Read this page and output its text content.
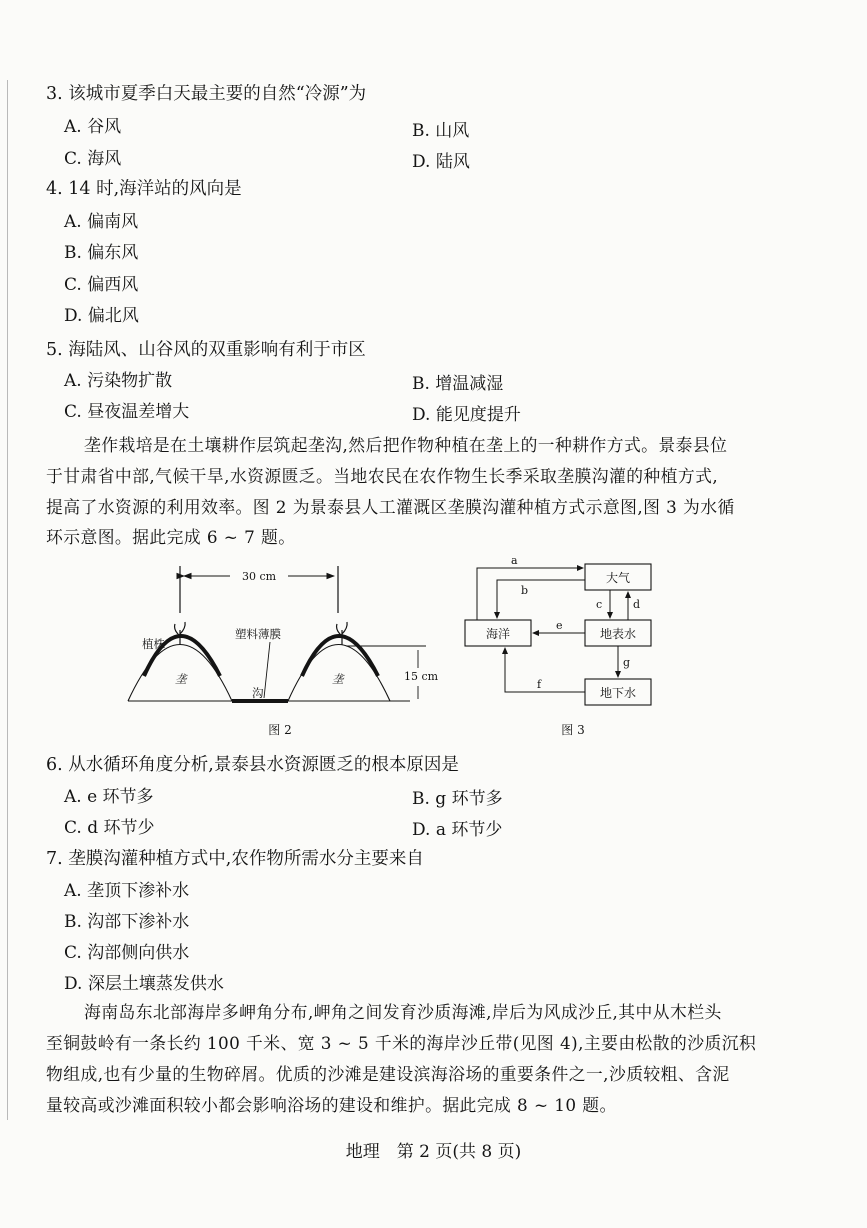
3. 该城市夏季白天最主要的自然“冷源”为
A. 谷风	B. 山风
C. 海风	D. 陆风
4. 14 时,海洋站的风向是
A. 偏南风
B. 偏东风
C. 偏西风
D. 偏北风
5. 海陆风、山谷风的双重影响有利于市区
A. 污染物扩散	B. 增温减湿
C. 昼夜温差增大	D. 能见度提升
垄作栽培是在土壤耕作层筑起垄沟,然后把作物种植在垄上的一种耕作方式。景泰县位
于甘肃省中部,气候干旱,水资源匮乏。当地农民在农作物生长季采取垄膜沟灌的种植方式,
提高了水资源的利用效率。图 2 为景泰县人工灌溉区垄膜沟灌种植方式示意图,图 3 为水循
环示意图。据此完成 6 ~ 7 题。
30 cm
植株
塑料薄膜
垄	垄
沟
15 cm
图 2
大气
海洋	地表水
地下水
a
b
c	d
e
g
f
图 3
6. 从水循环角度分析,景泰县水资源匮乏的根本原因是
A. e 环节多	B. g 环节多
C. d 环节少	D. a 环节少
7. 垄膜沟灌种植方式中,农作物所需水分主要来自
A. 垄顶下渗补水
B. 沟部下渗补水
C. 沟部侧向供水
D. 深层土壤蒸发供水
海南岛东北部海岸多岬角分布,岬角之间发育沙质海滩,岸后为风成沙丘,其中从木栏头
至铜鼓岭有一条长约 100 千米、宽 3 ~ 5 千米的海岸沙丘带(见图 4),主要由松散的沙质沉积
物组成,也有少量的生物碎屑。优质的沙滩是建设滨海浴场的重要条件之一,沙质较粗、含泥
量较高或沙滩面积较小都会影响浴场的建设和维护。据此完成 8 ~ 10 题。
地理　第 2 页(共 8 页)
